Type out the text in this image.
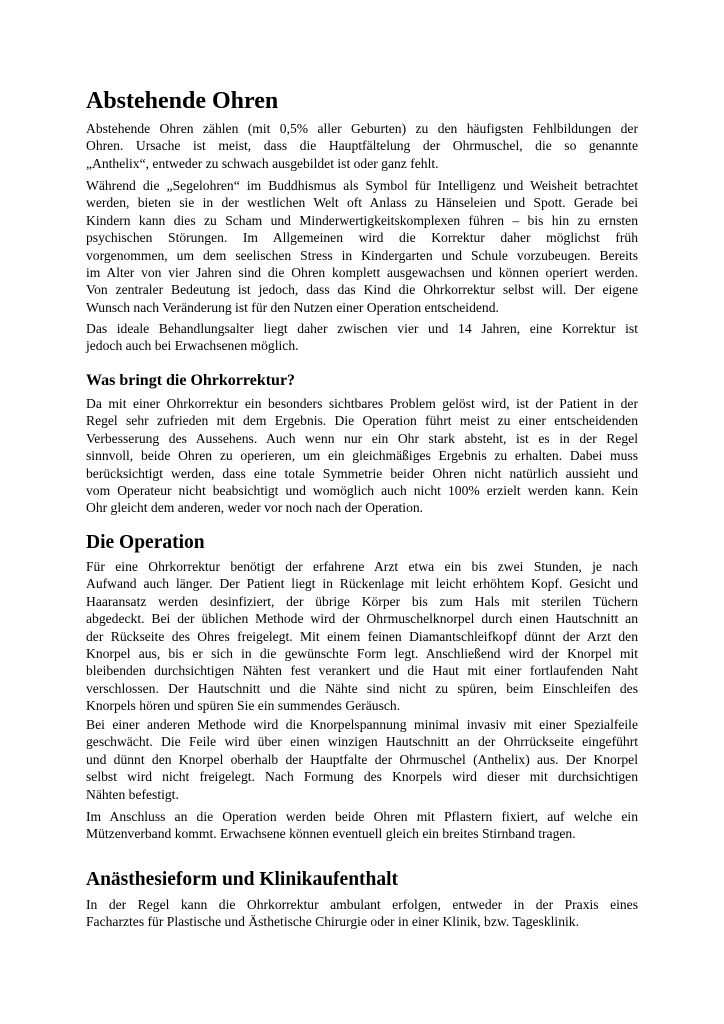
Abstehende Ohren
Abstehende Ohren zählen (mit 0,5% aller Geburten) zu den häufigsten Fehlbildungen der
Ohren. Ursache ist meist, dass die Hauptfältelung der Ohrmuschel, die so genannte
„Anthelix“, entweder zu schwach ausgebildet ist oder ganz fehlt.
Während die „Segelohren“ im Buddhismus als Symbol für Intelligenz und Weisheit betrachtet
werden, bieten sie in der westlichen Welt oft Anlass zu Hänseleien und Spott. Gerade bei
Kindern kann dies zu Scham und Minderwertigkeitskomplexen führen – bis hin zu ernsten
psychischen Störungen. Im Allgemeinen wird die Korrektur daher möglichst früh
vorgenommen, um dem seelischen Stress in Kindergarten und Schule vorzubeugen. Bereits
im Alter von vier Jahren sind die Ohren komplett ausgewachsen und können operiert werden.
Von zentraler Bedeutung ist jedoch, dass das Kind die Ohrkorrektur selbst will. Der eigene
Wunsch nach Veränderung ist für den Nutzen einer Operation entscheidend.
Das ideale Behandlungsalter liegt daher zwischen vier und 14 Jahren, eine Korrektur ist
jedoch auch bei Erwachsenen möglich.
Was bringt die Ohrkorrektur?
Da mit einer Ohrkorrektur ein besonders sichtbares Problem gelöst wird, ist der Patient in der
Regel sehr zufrieden mit dem Ergebnis. Die Operation führt meist zu einer entscheidenden
Verbesserung des Aussehens. Auch wenn nur ein Ohr stark absteht, ist es in der Regel
sinnvoll, beide Ohren zu operieren, um ein gleichmäßiges Ergebnis zu erhalten. Dabei muss
berücksichtigt werden, dass eine totale Symmetrie beider Ohren nicht natürlich aussieht und
vom Operateur nicht beabsichtigt und womöglich auch nicht 100% erzielt werden kann. Kein
Ohr gleicht dem anderen, weder vor noch nach der Operation.
Die Operation
Für eine Ohrkorrektur benötigt der erfahrene Arzt etwa ein bis zwei Stunden, je nach
Aufwand auch länger. Der Patient liegt in Rückenlage mit leicht erhöhtem Kopf. Gesicht und
Haaransatz werden desinfiziert, der übrige Körper bis zum Hals mit sterilen Tüchern
abgedeckt. Bei der üblichen Methode wird der Ohrmuschelknorpel durch einen Hautschnitt an
der Rückseite des Ohres freigelegt. Mit einem feinen Diamantschleifkopf dünnt der Arzt den
Knorpel aus, bis er sich in die gewünschte Form legt. Anschließend wird der Knorpel mit
bleibenden durchsichtigen Nähten fest verankert und die Haut mit einer fortlaufenden Naht
verschlossen. Der Hautschnitt und die Nähte sind nicht zu spüren, beim Einschleifen des
Knorpels hören und spüren Sie ein summendes Geräusch.
Bei einer anderen Methode wird die Knorpelspannung minimal invasiv mit einer Spezialfeile
geschwächt. Die Feile wird über einen winzigen Hautschnitt an der Ohrrückseite eingeführt
und dünnt den Knorpel oberhalb der Hauptfalte der Ohrmuschel (Anthelix) aus. Der Knorpel
selbst wird nicht freigelegt. Nach Formung des Knorpels wird dieser mit durchsichtigen
Nähten befestigt.
Im Anschluss an die Operation werden beide Ohren mit Pflastern fixiert, auf welche ein
Mützenverband kommt. Erwachsene können eventuell gleich ein breites Stirnband tragen.
Anästhesieform und Klinikaufenthalt
In der Regel kann die Ohrkorrektur ambulant erfolgen, entweder in der Praxis eines
Facharztes für Plastische und Ästhetische Chirurgie oder in einer Klinik, bzw. Tagesklinik.
